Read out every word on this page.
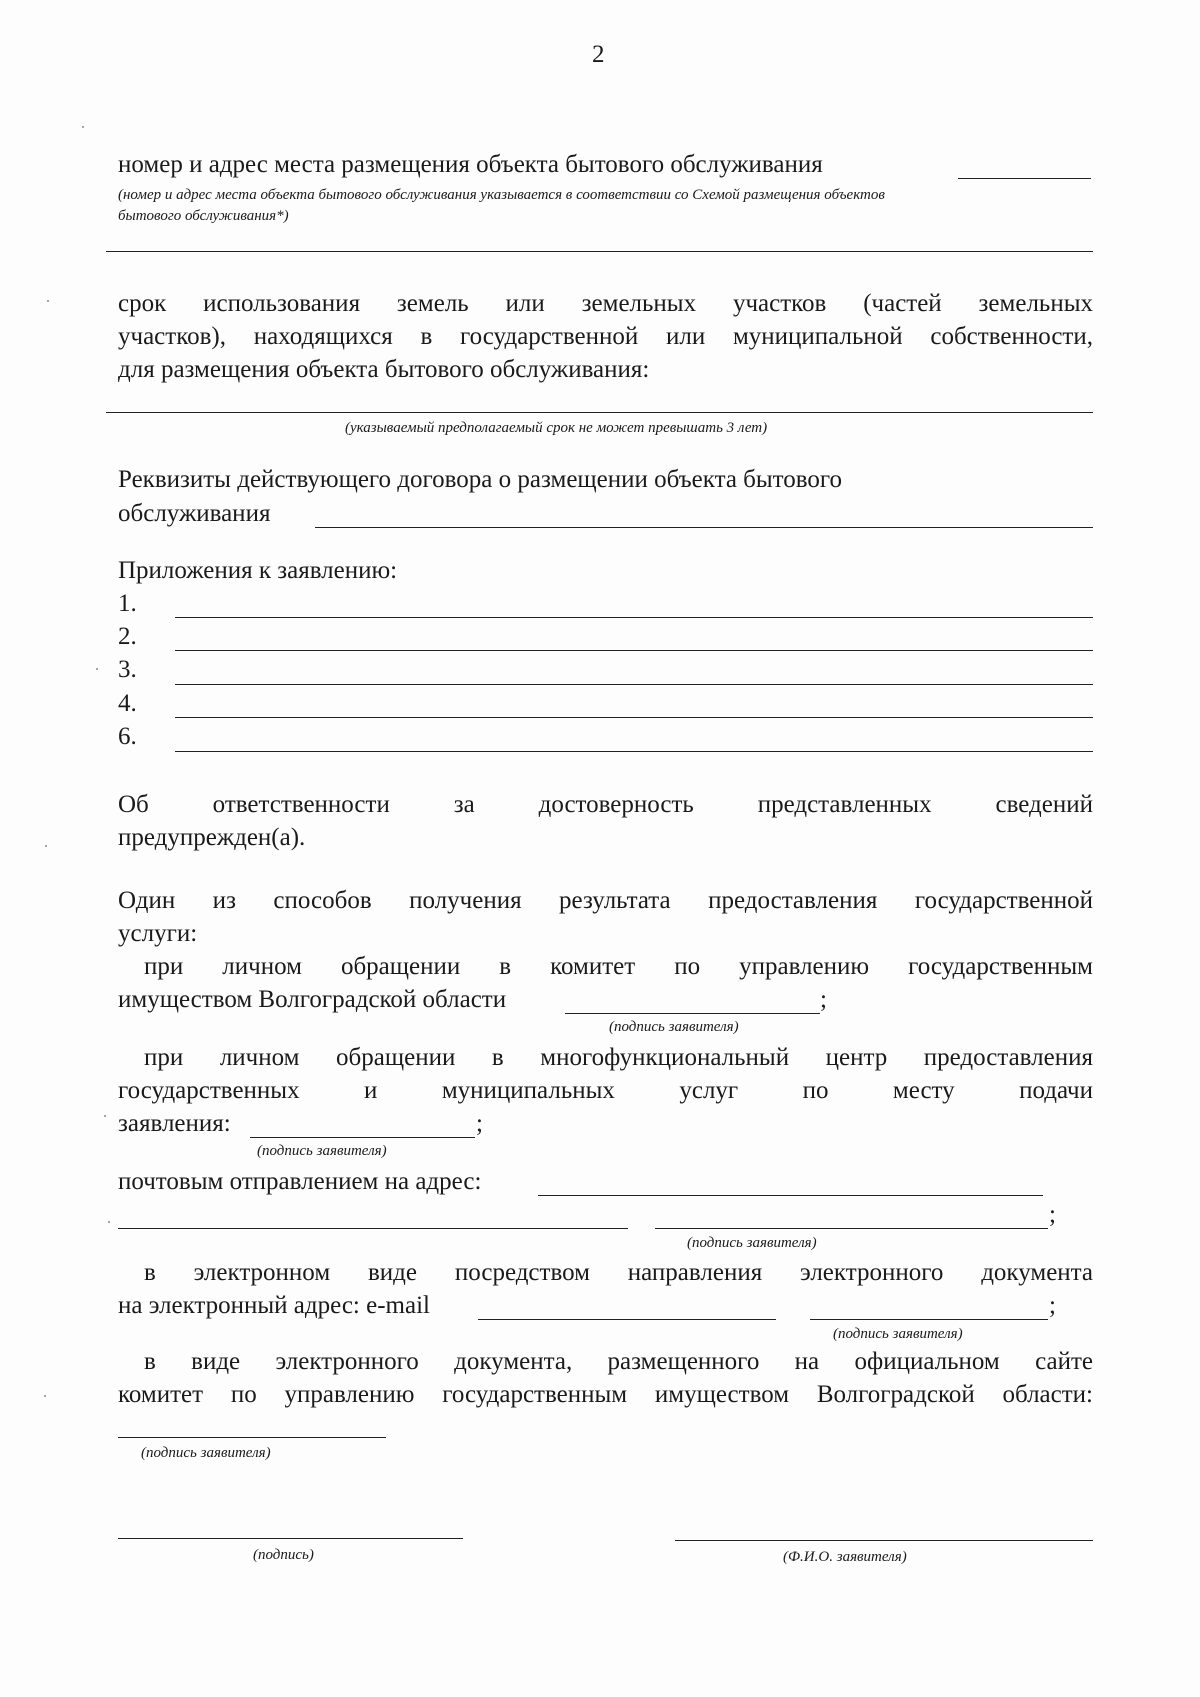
2
номер и адрес места размещения объекта бытового обслуживания
(номер и адрес места объекта бытового обслуживания указывается в соответствии со Схемой размещения объектов
бытового обслуживания*)
срок использования земель или земельных участков (частей земельных
участков), находящихся в государственной или муниципальной собственности,
для размещения объекта бытового обслуживания:
(указываемый предполагаемый срок не может превышать 3 лет)
Реквизиты действующего договора о размещении объекта бытового
обслуживания
Приложения к заявлению:
1.
2.
3.
4.
6.
Об ответственности за достоверность представленных сведений
предупрежден(а).
Один из способов получения результата предоставления государственной
услуги:
при личном обращении в комитет по управлению государственным
имуществом Волгоградской области	;
(подпись заявителя)
при личном обращении в многофункциональный центр предоставления
государственных и муниципальных услуг по месту подачи
заявления:	;
(подпись заявителя)
почтовым отправлением на адрес:
;
(подпись заявителя)
в электронном виде посредством направления электронного документа
на электронный адрес: e-mail	;
(подпись заявителя)
в виде электронного документа, размещенного на официальном сайте
комитет по управлению государственным имуществом Волгоградской области:
(подпись заявителя)
(подпись)	(Ф.И.О. заявителя)
